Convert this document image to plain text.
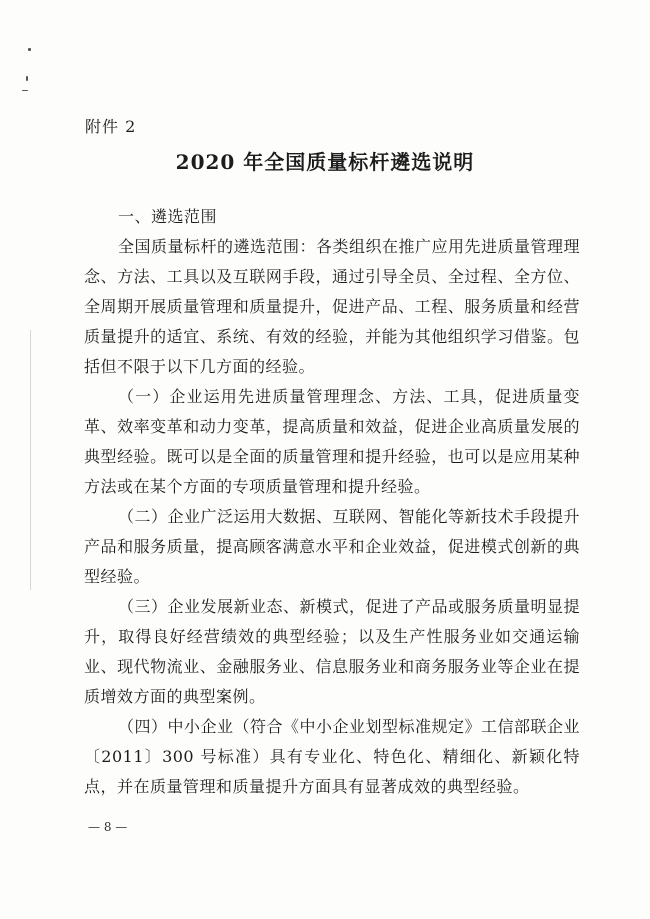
附件 2
2020 年全国质量标杆遴选说明
一、遴选范围

全国质量标杆的遴选范围：各类组织在推广应用先进质量管理理念、方法、工具以及互联网手段，通过引导全员、全过程、全方位、全周期开展质量管理和质量提升，促进产品、工程、服务质量和经营质量提升的适宜、系统、有效的经验，并能为其他组织学习借鉴。包括但不限于以下几方面的经验。

（一）企业运用先进质量管理理念、方法、工具，促进质量变革、效率变革和动力变革，提高质量和效益，促进企业高质量发展的典型经验。既可以是全面的质量管理和提升经验，也可以是应用某种方法或在某个方面的专项质量管理和提升经验。

（二）企业广泛运用大数据、互联网、智能化等新技术手段提升产品和服务质量，提高顾客满意水平和企业效益，促进模式创新的典型经验。

（三）企业发展新业态、新模式，促进了产品或服务质量明显提升，取得良好经营绩效的典型经验；以及生产性服务业如交通运输业、现代物流业、金融服务业、信息服务业和商务服务业等企业在提质增效方面的典型案例。

（四）中小企业（符合《中小企业划型标准规定》工信部联企业〔2011〕300 号标准）具有专业化、特色化、精细化、新颖化特点，并在质量管理和质量提升方面具有显著成效的典型经验。

— 8 —
